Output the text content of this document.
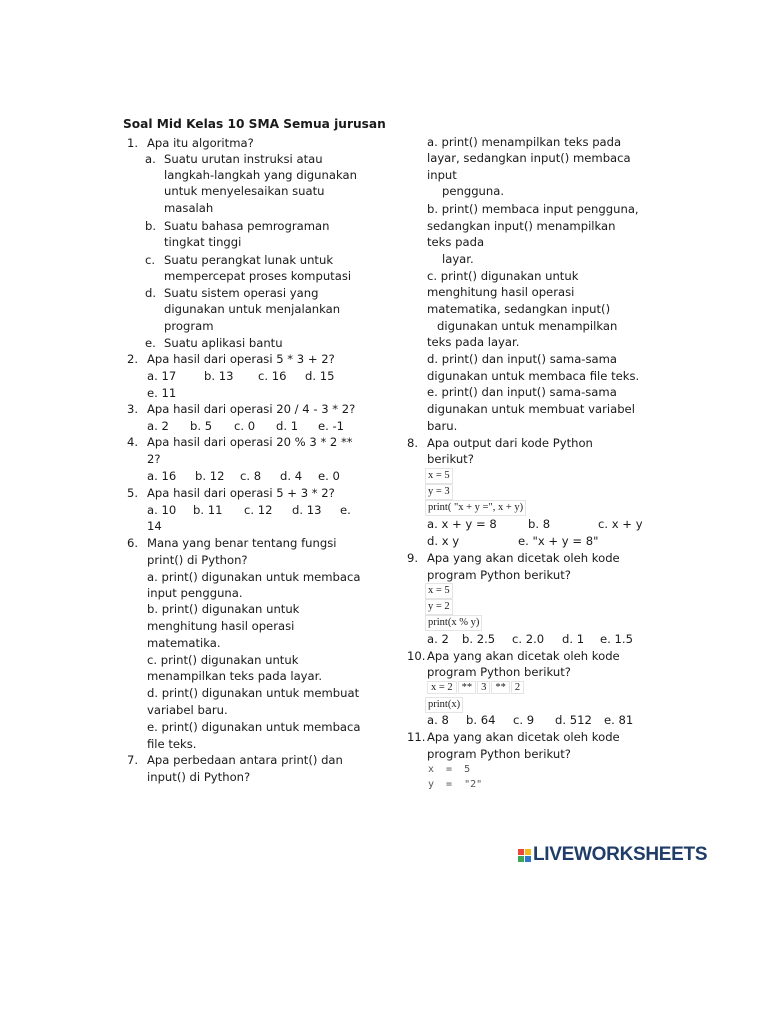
Soal Mid Kelas 10 SMA Semua jurusan
1. Apa itu algoritma?
a. Suatu urutan instruksi atau
langkah-langkah yang digunakan
untuk menyelesaikan suatu
masalah
b. Suatu bahasa pemrograman
tingkat tinggi
c. Suatu perangkat lunak untuk
mempercepat proses komputasi
d. Suatu sistem operasi yang
digunakan untuk menjalankan
program
e. Suatu aplikasi bantu
2. Apa hasil dari operasi 5 * 3 + 2?
a. 17 b. 13 c. 16 d. 15
e. 11
3. Apa hasil dari operasi 20 / 4 - 3 * 2?
a. 2 b. 5 c. 0 d. 1 e. -1
4. Apa hasil dari operasi 20 % 3 * 2 **
2?
a. 16 b. 12 c. 8 d. 4 e. 0
5. Apa hasil dari operasi 5 + 3 * 2?
a. 10 b. 11 c. 12 d. 13 e.
14
6. Mana yang benar tentang fungsi
print() di Python?
a. print() digunakan untuk membaca
input pengguna.
b. print() digunakan untuk
menghitung hasil operasi
matematika.
c. print() digunakan untuk
menampilkan teks pada layar.
d. print() digunakan untuk membuat
variabel baru.
e. print() digunakan untuk membaca
file teks.
7. Apa perbedaan antara print() dan
input() di Python?
a. print() menampilkan teks pada
layar, sedangkan input() membaca
input
pengguna.
b. print() membaca input pengguna,
sedangkan input() menampilkan
teks pada
layar.
c. print() digunakan untuk
menghitung hasil operasi
matematika, sedangkan input()
digunakan untuk menampilkan
teks pada layar.
d. print() dan input() sama-sama
digunakan untuk membaca file teks.
e. print() dan input() sama-sama
digunakan untuk membuat variabel
baru.
8. Apa output dari kode Python
berikut?
x = 5
y = 3
print( "x + y =", x + y)
a. x + y = 8	b. 8	c. x + y
d. x y	e. "x + y = 8"
9. Apa yang akan dicetak oleh kode
program Python berikut?
x = 5
y = 2
print(x % y)
a. 2 b. 2.5 c. 2.0 d. 1 e. 1.5
10. Apa yang akan dicetak oleh kode
program Python berikut?
x = 2 ** 3 ** 2
print(x)
a. 8 b. 64 c. 9 d. 512 e. 81
11. Apa yang akan dicetak oleh kode
program Python berikut?
x  =  5
y  =  "2"
LIVEWORKSHEETS
